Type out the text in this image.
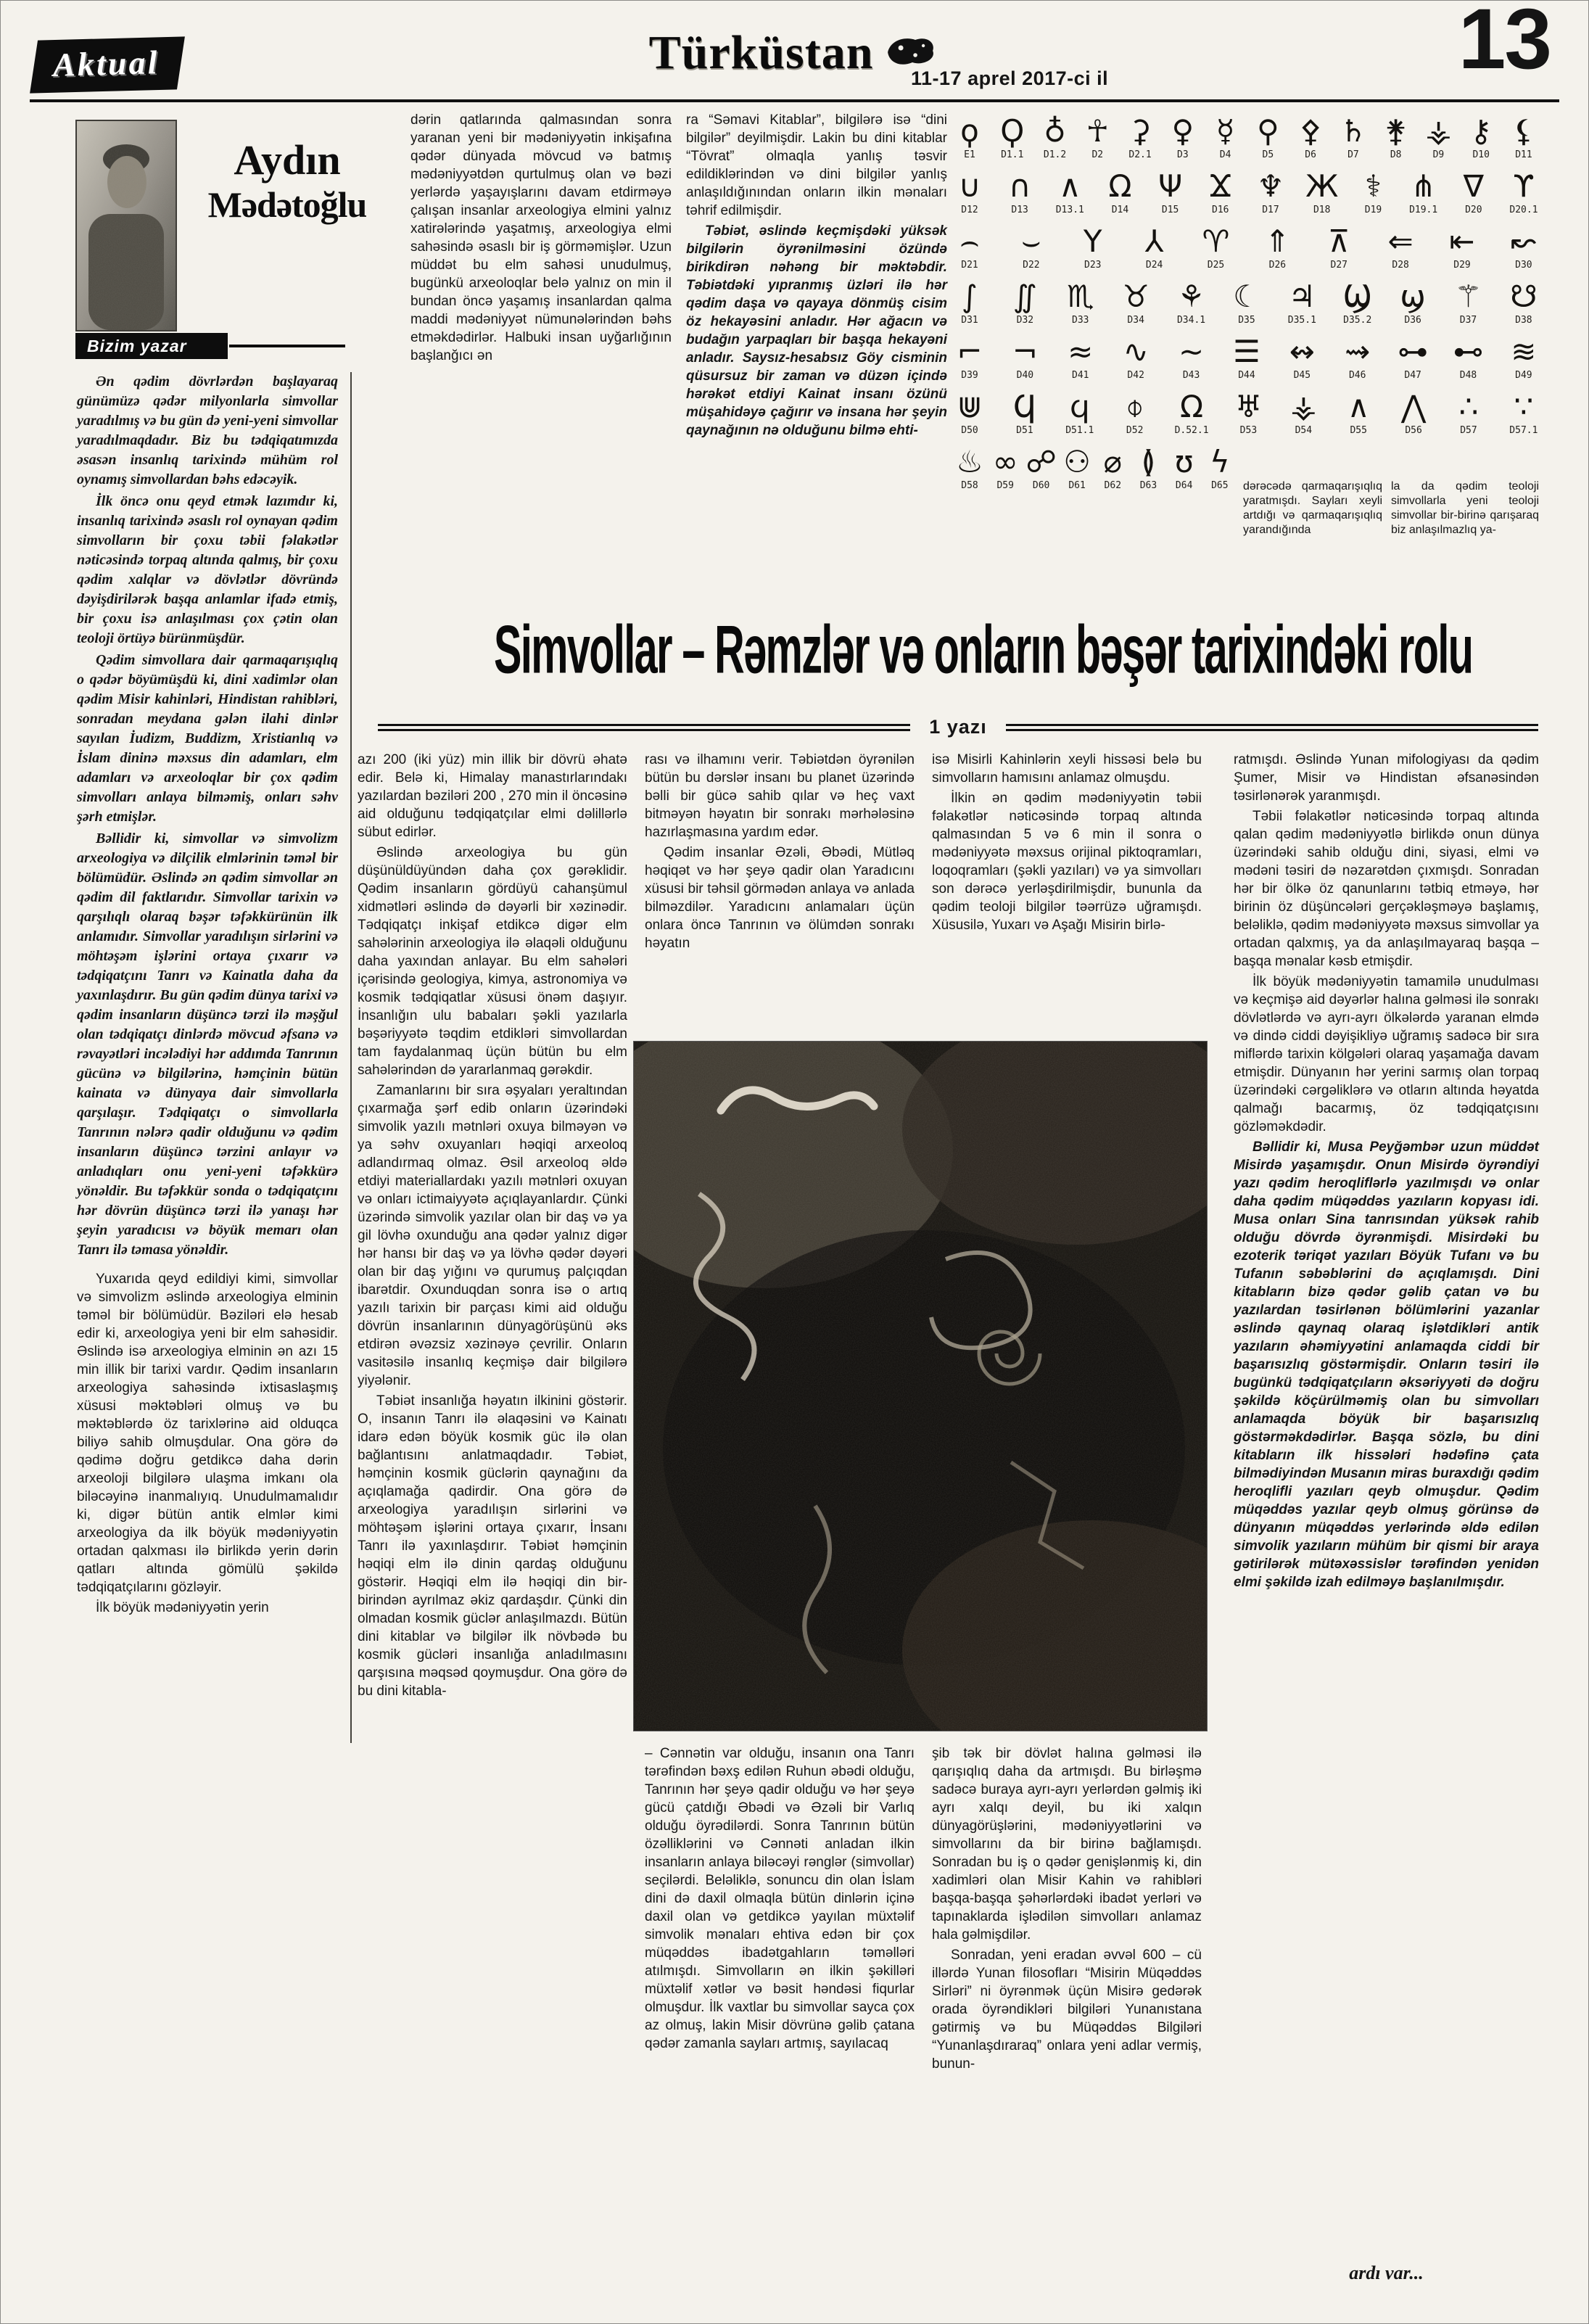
Aktual	Türküstan 11-17 aprel 2017-ci il	13
Aydın
Mədətoğlu
Bizim yazar

Ən qədim dövrlərdən başlayaraq günümüzə qədər milyonlarla simvollar yaradılmış və bu gün də yeni-yeni simvollar yaradılmaqdadır. Biz bu tədqiqatımızda əsasən insanlıq tarixində mühüm rol oynamış simvollardan bəhs edəcəyik.

İlk öncə onu qeyd etmək lazımdır ki, insanlıq tarixində əsaslı rol oynayan qədim simvolların bir çoxu təbii fəlakətlər nəticəsində torpaq altında qalmış, bir çoxu qədim xalqlar və dövlətlər dövründə dəyişdirilərək başqa anlamlar ifadə etmiş, bir çoxu isə anlaşılması çox çətin olan teoloji örtüyə bürünmüşdür.

Qədim simvollara dair qarmaqarışıqlıq o qədər böyümüşdü ki, dini xadimlər olan qədim Misir kahinləri, Hindistan rahibləri, sonradan meydana gələn ilahi dinlər sayılan İudizm, Buddizm, Xristianlıq və İslam dininə məxsus din adamları, elm adamları və arxeoloqlar bir çox qədim simvolları anlaya bilməmiş, onları səhv şərh etmişlər.

Bəllidir ki, simvollar və simvolizm arxeologiya və dilçilik elmlərinin təməl bir bölümüdür. Əslində ən qədim simvollar ən qədim dil faktlarıdır. Simvollar tarixin və qarşılıqlı olaraq bəşər təfəkkürünün ilk anlamıdır. Simvollar yaradılışın sirlərini və möhtəşəm işlərini ortaya çıxarır və tədqiqatçını Tanrı və Kainatla daha da yaxınlaşdırır. Bu gün qədim dünya tarixi və qədim insanların düşüncə tərzi ilə məşğul olan tədqiqatçı dinlərdə mövcud əfsanə və rəvayətləri incələdiyi hər addımda Tanrının gücünə və bilgilərinə, həmçinin bütün kainata və dünyaya dair simvollarla qarşılaşır. Tədqiqatçı o simvollarla Tanrının nələrə qadir olduğunu və qədim insanların düşüncə tərzini anlayır və anladıqları onu yeni-yeni təfəkkürə yönəldir. Bu təfəkkür sonda o tədqiqatçını hər dövrün düşüncə tərzi ilə yanaşı hər şeyin yaradıcısı və böyük memarı olan Tanrı ilə təmasa yönəldir.

Yuxarıda qeyd edildiyi kimi, simvollar və simvolizm əslində arxeologiya elminin təməl bir bölümüdür. Bəziləri elə hesab edir ki, arxeologiya yeni bir elm sahəsidir. Əslində isə arxeologiya elminin ən azı 15 min illik bir tarixi vardır. Qədim insanların arxeologiya sahəsində ixtisaslaşmış xüsusi məktəbləri olmuş və bu məktəblərdə öz tarixlərinə aid olduqca biliyə sahib olmuşdular. Ona görə də qədimə doğru getdikcə daha dərin arxeoloji bilgilərə ulaşma imkanı ola biləcəyinə inanmalıyıq. Unudulmamalıdır ki, digər bütün antik elmlər kimi arxeologiya da ilk böyük mədəniyyətin ortadan qalxması ilə birlikdə yerin dərin qatları altında gömülü şəkildə tədqiqatçılarını gözləyir.

İlk böyük mədəniyyətin yerin

dərin qatlarında qalmasından sonra yaranan yeni bir mədəniyyətin inkişafına qədər dünyada mövcud və batmış mədəniyyətdən qurtulmuş olan və bəzi yerlərdə yaşayışlarını davam etdirməyə çalışan insanlar arxeologiya elmini yalnız xatirələrində yaşatmış, arxeologiya elmi sahəsində əsaslı bir iş görməmişlər. Uzun müddət bu elm sahəsi unudulmuş, bugünkü arxeoloqlar belə yalnız on min il bundan öncə yaşamış insanlardan qalma maddi mədəniyyət nümunələrindən bəhs etməkdədirlər. Halbuki insan uyğarlığının başlanğıcı ən

ra “Səmavi Kitablar”, bilgilərə isə “dini bilgilər” deyilmişdir. Lakin bu dini kitablar “Tövrat” olmaqla yanlış təsvir edildiklərindən və dini bilgilər yanlış anlaşıldığınından onların ilkin mənaları təhrif edilmişdir.

Təbiət, əslində keçmişdəki yüksək bilgilərin öyrənilməsini özündə birikdirən nəhəng bir məktəbdir. Təbiətdəki yıpranmış üzləri ilə hər qədim daşa və qayaya dönmüş cisim öz hekayəsini anladır. Hər ağacın və budağın yarpaqları bir başqa hekayəni anladır. Saysız-hesabsız Göy cisminin qüsursuz bir zaman və düzən içində hərəkət etdiyi Kainat insanı özünü müşahidəyə çağırır və insana hər şeyin qaynağının nə olduğunu bilmə ehti-

ϙ
E1
Ϙ
D1.1
♁
D1.2
☥
D2
⚳
D2.1
♀
D3
☿
D4
⚲
D5
⚴
D6
♄
D7
⚵
D8
⚶
D9
⚷
D10
⚸
D11
∪
D12
∩
D13
∧
D13.1
Ω
D14
Ψ
D15
Ϫ
D16
♆
D17
Ж
D18
⚕
D19
⋔
D19.1
∇
D20
ϒ
D20.1
⌢
D21
⌣
D22
Υ
D23
⅄
D24
♈
D25
⇑
D26
⊼
D27
⇐
D28
⇤
D29
↜
D30
∫
D31
∬
D32
♏
D33
♉
D34
⚘
D34.1
☾
D35
♃
D35.1
Ϣ
D35.2
ϣ
D36
⚚
D37
☋
D38
⌐
D39
¬
D40
≈
D41
∿
D42
∼
D43
☰
D44
↭
D45
⇝
D46
⊶
D47
⊷
D48
≋
D49
⋓
D50
Ϥ
D51
ϥ
D51.1
⌽
D52
Ω
D.52.1
♅
D53
⚶
D54
∧
D55
⋀
D56
∴
D57
∵
D57.1
♨
D58
∞
D59
☍
D60
⚇
D61
⌀
D62
≬
D63
ʊ
D64
ϟ
D65 dərəcədə qarmaqarışıqlıq yaratmışdı. Sayları xeyli artdığı və qarmaqarışıqlıq yarandığında

la da qədim teoloji simvollarla yeni teoloji simvollar bir-birinə qarışaraq biz anlaşılmazlıq ya-

Simvollar – Rəmzlər və onların bəşər tarixindəki rolu
1 yazı

azı 200 (iki yüz) min illik bir dövrü əhatə edir. Belə ki, Himalay manastırlarındakı yazılardan bəziləri 200 , 270 min il öncəsinə aid olduğunu tədqiqatçılar elmi dəlillərlə sübut edirlər.

Əslində arxeologiya bu gün düşünüldüyündən daha çox gərəklidir. Qədim insanların gördüyü cahanşümul xidmətləri əslində də dəyərli bir xəzinədir. Tədqiqatçı inkişaf etdikcə digər elm sahələrinin arxeologiya ilə əlaqəli olduğunu daha yaxından anlayar. Bu elm sahələri içərisində geologiya, kimya, astronomiya və kosmik tədqiqatlar xüsusi önəm daşıyır. İnsanlığın ulu babaları şəkli yazılarla bəşəriyyətə təqdim etdikləri simvollardan tam faydalanmaq üçün bütün bu elm sahələrindən də yararlanmaq gərəkdir.

Zamanlarını bir sıra əşyaları yeraltından çıxarmağa şərf edib onların üzərindəki simvolik yazılı mətnləri oxuya bilməyən və ya səhv oxuyanları həqiqi arxeoloq adlandırmaq olmaz. Əsil arxeoloq əldə etdiyi materiallardakı yazılı mətnləri oxuyan və onları ictimaiyyətə açıqlayanlardır. Çünki üzərində simvolik yazılar olan bir daş və ya gil lövhə oxunduğu ana qədər yalnız digər hər hansı bir daş və ya lövhə qədər dəyəri olan bir daş yığını və qurumuş palçıqdan ibarətdir. Oxunduqdan sonra isə o artıq yazılı tarixin bir parçası kimi aid olduğu dövrün insanlarının dünyagörüşünü əks etdirən əvəzsiz xəzinəyə çevrilir. Onların vasitəsilə insanlıq keçmişə dair bilgilərə yiyələnir.

Təbiət insanlığa həyatın ilkinini göstərir. O, insanın Tanrı ilə əlaqəsini və Kainatı idarə edən böyük kosmik güc ilə olan bağlantısını anlatmaqdadır. Təbiət, həmçinin kosmik güclərin qaynağını da açıqlamağa qadirdir. Ona görə də arxeologiya yaradılışın sirlərini və möhtəşəm işlərini ortaya çıxarır, İnsanı Tanrı ilə yaxınlaşdırır. Təbiət həmçinin həqiqi elm ilə dinin qardaş olduğunu göstərir. Həqiqi elm ilə həqiqi din bir-birindən ayrılmaz əkiz qardaşdır. Çünki din olmadan kosmik güclər anlaşılmazdı. Bütün dini kitablar və bilgilər ilk növbədə bu kosmik gücləri insanlığa anladılmasını qarşısına məqsəd qoymuşdur. Ona görə də bu dini kitabla-

rası və ilhamını verir. Təbiətdən öyrənilən bütün bu dərslər insanı bu planet üzərində bəlli bir gücə sahib qılar və heç vaxt bitməyən həyatın bir sonrakı mərhələsinə hazırlaşmasına yardım edər.

Qədim insanlar Əzəli, Əbədi, Mütləq həqiqət və hər şeyə qadir olan Yaradıcını xüsusi bir təhsil görmədən anlaya və anlada bilməzdilər. Yaradıcını anlamaları üçün onlara öncə Tanrının və ölümdən sonrakı həyatın

isə Misirli Kahinlərin xeyli hissəsi belə bu simvolların hamısını anlamaz olmuşdu.

İlkin ən qədim mədəniyyətin təbii fəlakətlər nəticəsində torpaq altında qalmasından 5 və 6 min il sonra o mədəniyyətə məxsus orijinal piktoqramları, loqoqramları (şəkli yazıları) və ya simvolları son dərəcə yerləşdirilmişdir, bununla da qədim teoloji bilgilər təərrüzə uğramışdı. Xüsusilə, Yuxarı və Aşağı Misirin birlə-

– Cənnətin var olduğu, insanın ona Tanrı tərəfindən bəxş edilən Ruhun əbədi olduğu, Tanrının hər şeyə qadir olduğu və hər şeyə gücü çatdığı Əbədi və Əzəli bir Varlıq olduğu öyrədilərdi. Sonra Tanrının bütün özəlliklərini və Cənnəti anladan ilkin insanların anlaya biləcəyi rənglər (simvollar) seçilərdi. Beləliklə, sonuncu din olan İslam dini də daxil olmaqla bütün dinlərin içinə daxil olan və getdikcə yayılan müxtəlif simvolik mənaları ehtiva edən bir çox müqəddəs ibadətgahların təməlləri atılmışdı. Simvolların ən ilkin şəkilləri müxtəlif xətlər və bəsit həndəsi fiqurlar olmuşdur. İlk vaxtlar bu simvollar sayca çox az olmuş, lakin Misir dövrünə gəlib çatana qədər zamanla sayları artmış, sayılacaq

şib tək bir dövlət halına gəlməsi ilə qarışıqlıq daha da artmışdı. Bu birləşmə sadəcə buraya ayrı-ayrı yerlərdən gəlmiş iki ayrı xalqı deyil, bu iki xalqın dünyagörüşlərini, mədəniyyətlərini və simvollarını da bir birinə bağlamışdı. Sonradan bu iş o qədər genişlənmiş ki, din xadimləri olan Misir Kahin və rahibləri başqa-başqa şəhərlərdəki ibadət yerləri və tapınaklarda işlədilən simvolları anlamaz hala gəlmişdilər.

Sonradan, yeni eradan əvvəl 600 – cü illərdə Yunan filosofları “Misirin Müqəddəs Sirləri” ni öyrənmək üçün Misirə gedərək orada öyrəndikləri bilgiləri Yunanıstana gətirmiş və bu Müqəddəs Bilgiləri “Yunanlaşdıraraq” onlara yeni adlar vermiş, bunun-

ratmışdı. Əslində Yunan mifologiyası da qədim Şumer, Misir və Hindistan əfsanəsindən təsirlənərək yaranmışdı.

Təbii fəlakətlər nəticəsində torpaq altında qalan qədim mədəniyyətlə birlikdə onun dünya üzərindəki sahib olduğu dini, siyasi, elmi və mədəni təsiri də nəzarətdən çıxmışdı. Sonradan hər bir ölkə öz qanunlarını tətbiq etməyə, hər birinin öz düşüncələri gerçəkləşməyə başlamış, beləliklə, qədim mədəniyyətə məxsus simvollar ya ortadan qalxmış, ya da anlaşılmayaraq başqa – başqa mənalar kəsb etmişdir.

İlk böyük mədəniyyətin tamamilə unudulması və keçmişə aid dəyərlər halına gəlməsi ilə sonrakı dövlətlərdə və ayrı-ayrı ölkələrdə yaranan elmdə və dində ciddi dəyişikliyə uğramış sadəcə bir sıra miflərdə tarixin kölgələri olaraq yaşamağa davam etmişdir. Dünyanın hər yerini sarmış olan torpaq üzərindəki cərgəliklərə və otların altında həyatda qalmağı bacarmış, öz tədqiqatçısını gözləməkdədir.

Bəllidir ki, Musa Peyğəmbər uzun müddət Misirdə yaşamışdır. Onun Misirdə öyrəndiyi yazı qədim heroqliflərlə yazılmışdı və onlar daha qədim müqəddəs yazıların kopyası idi. Musa onları Sina tanrısından yüksək rahib olduğu dövrdə öyrənmişdi. Misirdəki bu ezoterik təriqət yazıları Böyük Tufanı və bu Tufanın səbəblərini də açıqlamışdı. Dini kitabların bizə qədər gəlib çatan və bu yazılardan təsirlənən bölümlərini yazanlar əslində qaynaq olaraq işlətdikləri antik yazıların əhəmiyyətini anlamaqda ciddi bir başarısızlıq göstərmişdir. Onların təsiri ilə bugünkü tədqiqatçıların əksəriyyəti də doğru şəkildə köçürülməmiş olan bu simvolları anlamaqda böyük bir başarısızlıq göstərməkdədirlər. Başqa sözlə, bu dini kitabların ilk hissələri hədəfinə çata bilmədiyindən Musanın miras buraxdığı qədim heroqlifli yazıları qeyb olmuşdur. Qədim müqəddəs yazılar qeyb olmuş görünsə də dünyanın müqəddəs yerlərində əldə edilən simvolik yazıların mühüm bir qismi bir araya gətirilərək mütəxəssislər tərəfindən yenidən elmi şəkildə izah edilməyə başlanılmışdır.

ardı var...
